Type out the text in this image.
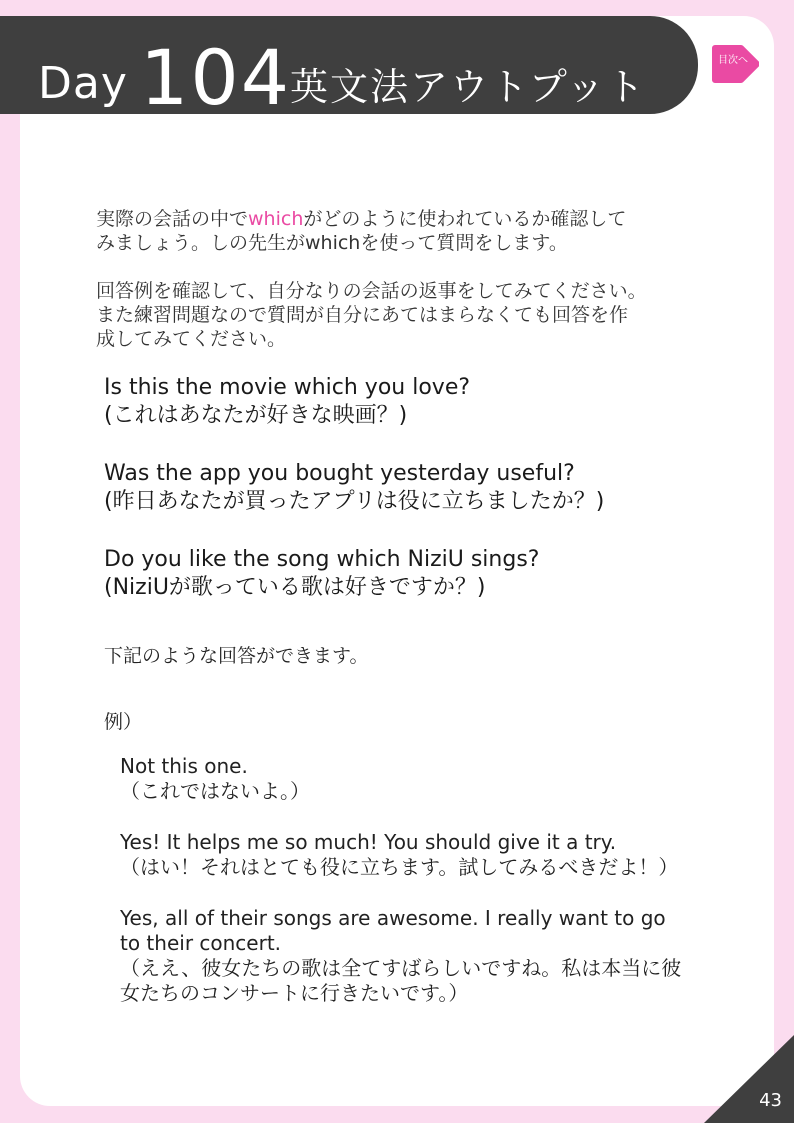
Day 104
英文法アウトプット
目次へ

実際の会話の中でwhichがどのように使われているか確認して
みましょう。しの先生がwhichを使って質問をします。

回答例を確認して、自分なりの会話の返事をしてみてください。
また練習問題なので質問が自分にあてはまらなくても回答を作
成してみてください。

Is this the movie which you love?
(これはあなたが好きな映画？)
Was the app you bought yesterday useful?
(昨日あなたが買ったアプリは役に立ちましたか？)
Do you like the song which NiziU sings?
(NiziUが歌っている歌は好きですか？)
下記のような回答ができます。
例）
Not this one.
（これではないよ。）
Yes! It helps me so much! You should give it a try.
（はい！それはとても役に立ちます。試してみるべきだよ！）
Yes, all of their songs are awesome. I really want to go
to their concert.
（ええ、彼女たちの歌は全てすばらしいですね。私は本当に彼
女たちのコンサートに行きたいです。）
43
